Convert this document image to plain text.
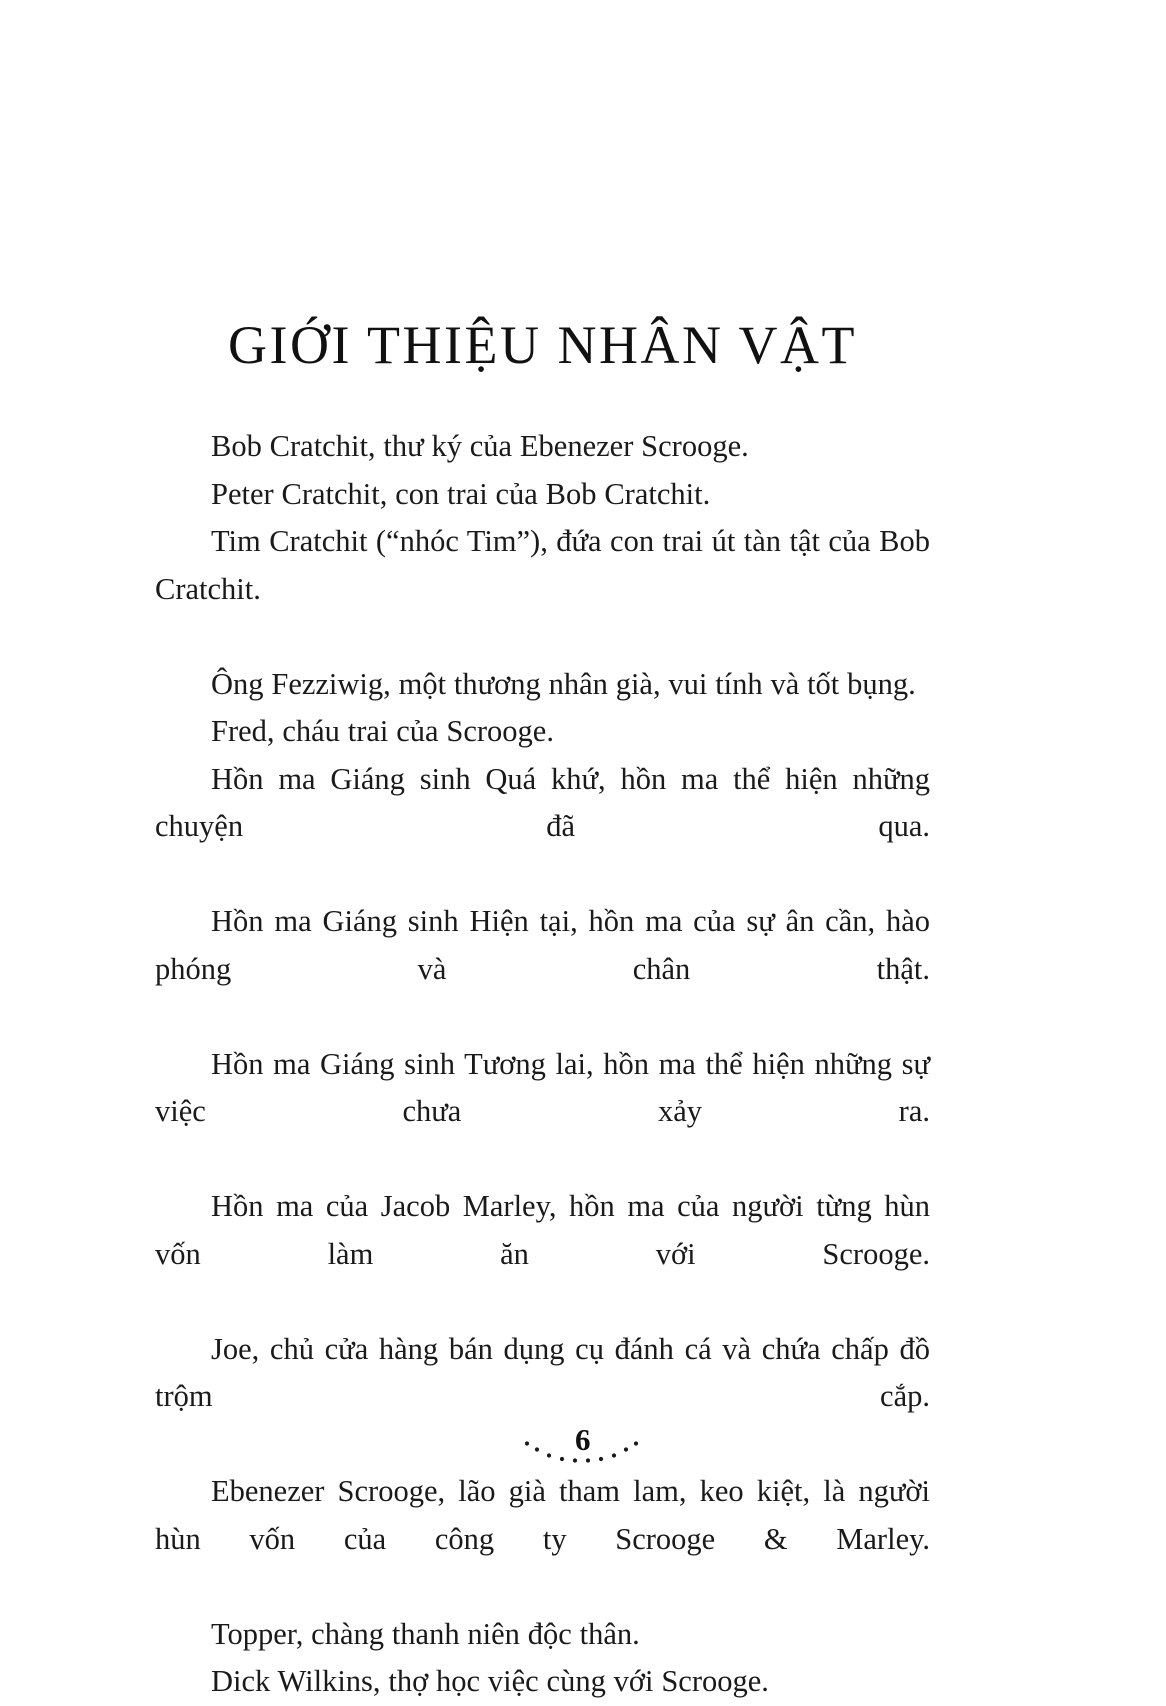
GIỚI THIỆU NHÂN VẬT

Bob Cratchit, thư ký của Ebenezer Scrooge.

Peter Cratchit, con trai của Bob Cratchit.

Tim Cratchit (“nhóc Tim”), đứa con trai út tàn tật của Bob Cratchit.

Ông Fezziwig, một thương nhân già, vui tính và tốt bụng.

Fred, cháu trai của Scrooge.

Hồn ma Giáng sinh Quá khứ, hồn ma thể hiện những chuyện đã qua.

Hồn ma Giáng sinh Hiện tại, hồn ma của sự ân cần, hào phóng và chân thật.

Hồn ma Giáng sinh Tương lai, hồn ma thể hiện những sự việc chưa xảy ra.

Hồn ma của Jacob Marley, hồn ma của người từng hùn vốn làm ăn với Scrooge.

Joe, chủ cửa hàng bán dụng cụ đánh cá và chứa chấp đồ trộm cắp.

Ebenezer Scrooge, lão già tham lam, keo kiệt, là người hùn vốn của công ty Scrooge & Marley.

Topper, chàng thanh niên độc thân.

Dick Wilkins, thợ học việc cùng với Scrooge.

6
